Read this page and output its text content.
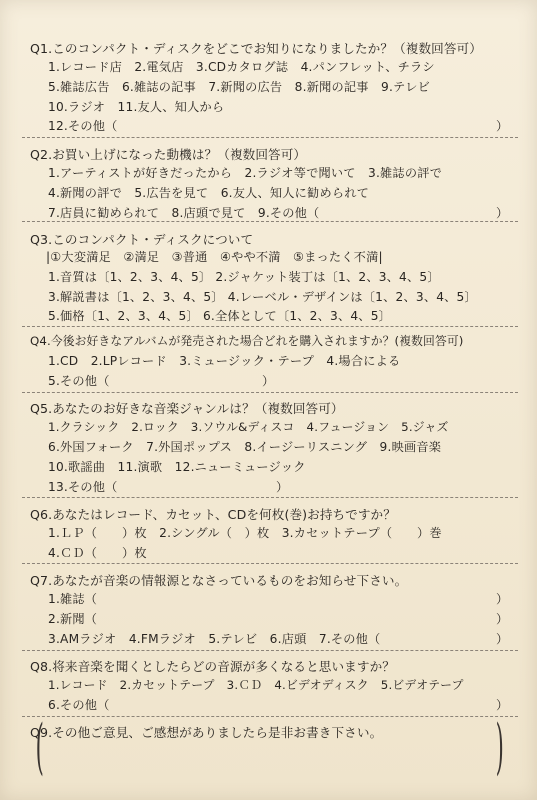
Q1.このコンパクト・ディスクをどこでお知りになりましたか？（複数回答可）
1.レコード店　2.電気店　3.CDカタログ誌　4.パンフレット、チラシ
5.雑誌広告　6.雑誌の記事　7.新聞の広告　8.新聞の記事　9.テレビ
10.ラジオ　11.友人、知人から
12.その他（	）
Q2.お買い上げになった動機は？（複数回答可）
1.アーティストが好きだったから　2.ラジオ等で聞いて　3.雑誌の評で
4.新聞の評で　5.広告を見て　6.友人、知人に勧められて
7.店員に勧められて　8.店頭で見て　9.その他（	）
Q3.このコンパクト・ディスクについて
|①大変満足　②満足　③普通　④やや不満　⑤まったく不満|
1.音質は〔1、2、3、4、5〕 2.ジャケット装丁は〔1、2、3、4、5〕
3.解説書は〔1、2、3、4、5〕 4.レーベル・デザインは〔1、2、3、4、5〕
5.価格〔1、2、3、4、5〕 6.全体として〔1、2、3、4、5〕
Q4.今後お好きなアルバムが発売された場合どれを購入されますか？(複数回答可)
1.CD　2.LPレコード　3.ミュージック・テープ　4.場合による
5.その他（	）
Q5.あなたのお好きな音楽ジャンルは？（複数回答可）
1.クラシック　2.ロック　3.ソウル&ディスコ　4.フュージョン　5.ジャズ
6.外国フォーク　7.外国ポップス　8.イージーリスニング　9.映画音楽
10.歌謡曲　11.演歌　12.ニューミュージック
13.その他（	）
Q6.あなたはレコード、カセット、CDを何枚(巻)お持ちですか？
1.ＬＰ（　　）枚　2.シングル（　）枚　3.カセットテープ（　　）巻
4.ＣＤ（　　）枚
Q7.あなたが音楽の情報源となさっているものをお知らせ下さい。
1.雑誌（	）
2.新聞（	）
3.AMラジオ　4.FMラジオ　5.テレビ　6.店頭　7.その他（	）
Q8.将来音楽を聞くとしたらどの音源が多くなると思いますか？
1.レコード　2.カセットテープ　3.ＣＤ　4.ビデオディスク　5.ビデオテープ
6.その他（	）
Q9.その他ご意見、ご感想がありましたら是非お書き下さい。
(	)
